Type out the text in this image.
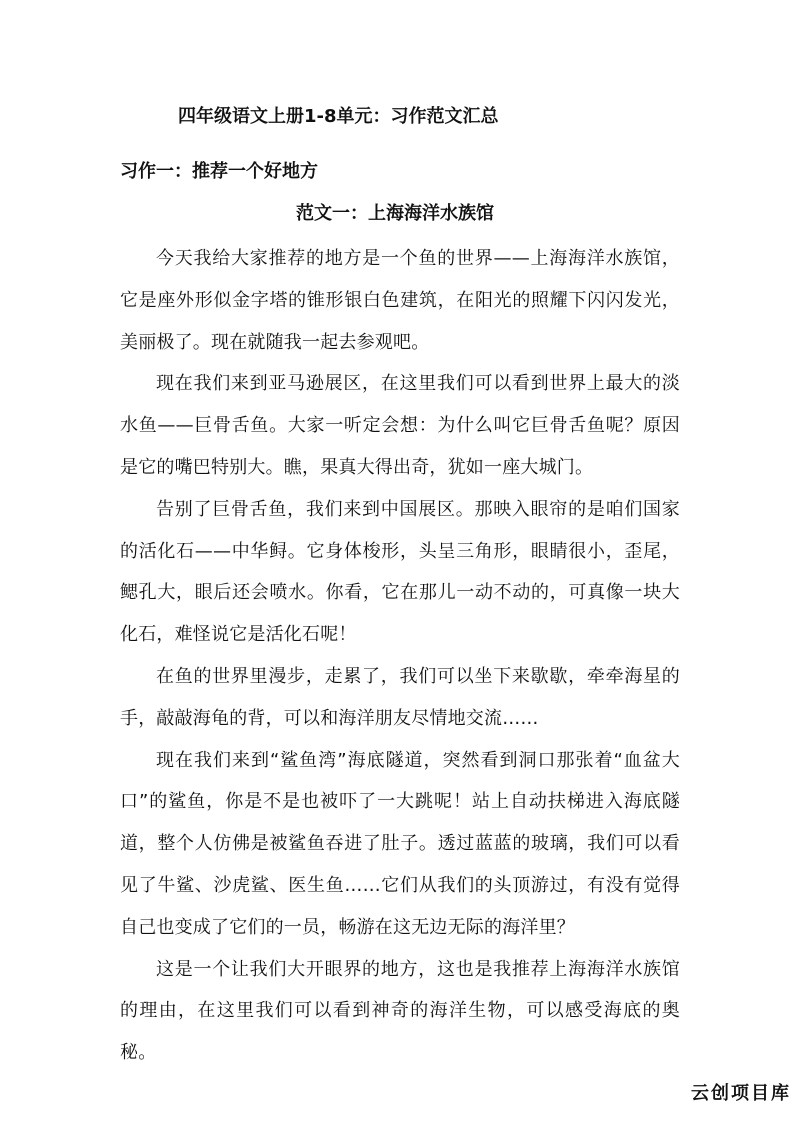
四年级语文上册1-8单元：习作范文汇总
习作一：推荐一个好地方
范文一：上海海洋水族馆

今天我给大家推荐的地方是一个鱼的世界——上海海洋水族馆，它是座外形似金字塔的锥形银白色建筑，在阳光的照耀下闪闪发光，美丽极了。现在就随我一起去参观吧。

现在我们来到亚马逊展区，在这里我们可以看到世界上最大的淡水鱼——巨骨舌鱼。大家一听定会想：为什么叫它巨骨舌鱼呢？原因是它的嘴巴特别大。瞧，果真大得出奇，犹如一座大城门。

告别了巨骨舌鱼，我们来到中国展区。那映入眼帘的是咱们国家的活化石——中华鲟。它身体梭形，头呈三角形，眼睛很小，歪尾，鳃孔大，眼后还会喷水。你看，它在那儿一动不动的，可真像一块大化石，难怪说它是活化石呢！

在鱼的世界里漫步，走累了，我们可以坐下来歇歇，牵牵海星的手，敲敲海龟的背，可以和海洋朋友尽情地交流……

现在我们来到“鲨鱼湾”海底隧道，突然看到洞口那张着“血盆大口”的鲨鱼，你是不是也被吓了一大跳呢！站上自动扶梯进入海底隧道，整个人仿佛是被鲨鱼吞进了肚子。透过蓝蓝的玻璃，我们可以看见了牛鲨、沙虎鲨、医生鱼……它们从我们的头顶游过，有没有觉得自己也变成了它们的一员，畅游在这无边无际的海洋里？

这是一个让我们大开眼界的地方，这也是我推荐上海海洋水族馆的理由，在这里我们可以看到神奇的海洋生物，可以感受海底的奥秘。

云创项目库
